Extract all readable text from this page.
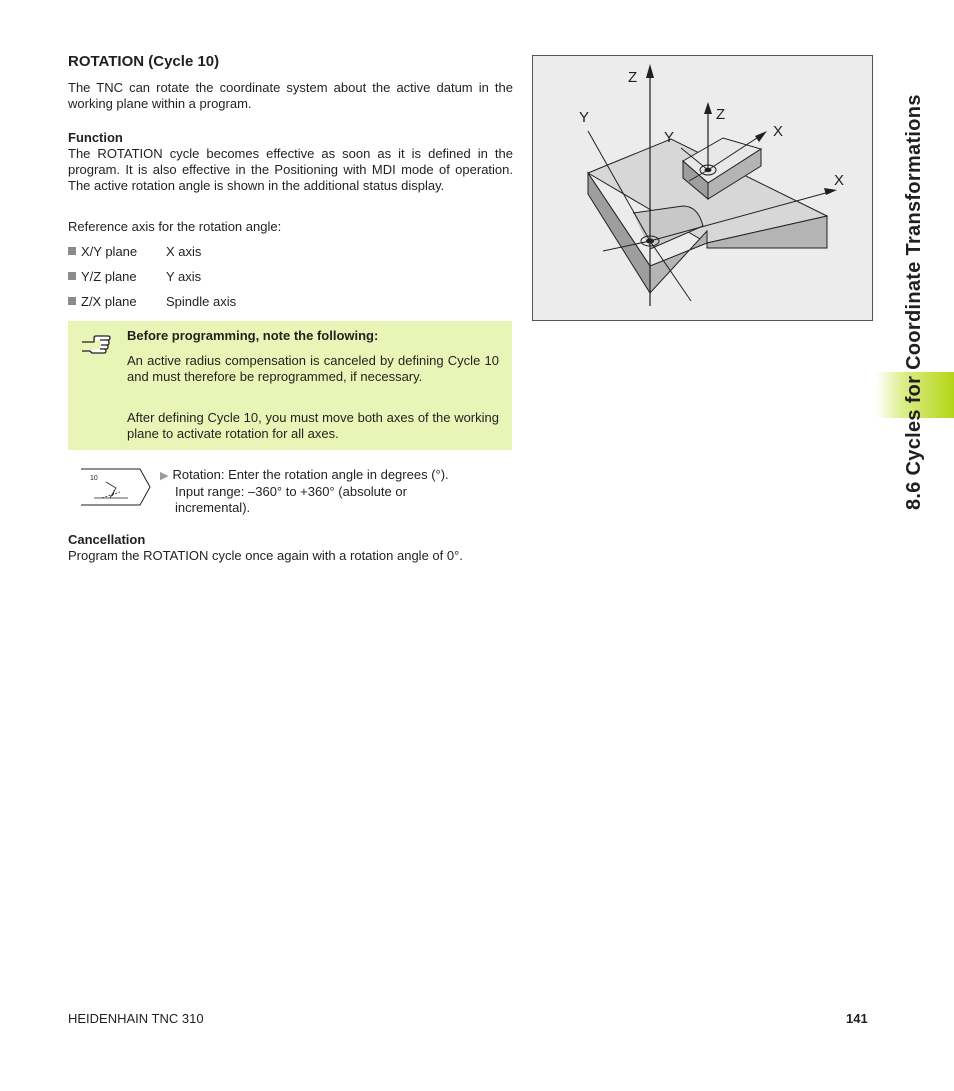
ROTATION (Cycle 10)

The TNC can rotate the coordinate system about the active datum in the working plane within a program.

Function

The ROTATION cycle becomes effective as soon as it is defined in the program. It is also effective in the Positioning with MDI mode of operation. The active rotation angle is shown in the additional status display.

Reference axis for the rotation angle:
X/Y plane X axis
Y/Z plane Y axis
Z/X plane Spindle axis
Before programming, note the following:

An active radius compensation is canceled by defining Cycle 10 and must therefore be reprogrammed, if necessary.

After defining Cycle 10, you must move both axes of the working plane to activate rotation for all axes.

10	▶ Rotation: Enter the rotation angle in degrees (°).
Input range: –360° to +360° (absolute or
incremental).
Cancellation
Program the ROTATION cycle once again with a rotation angle of 0°.
Z
Y
X
Z
Y	X	8.6 Cycles for Coordinate Transformations
HEIDENHAIN TNC 310	141
